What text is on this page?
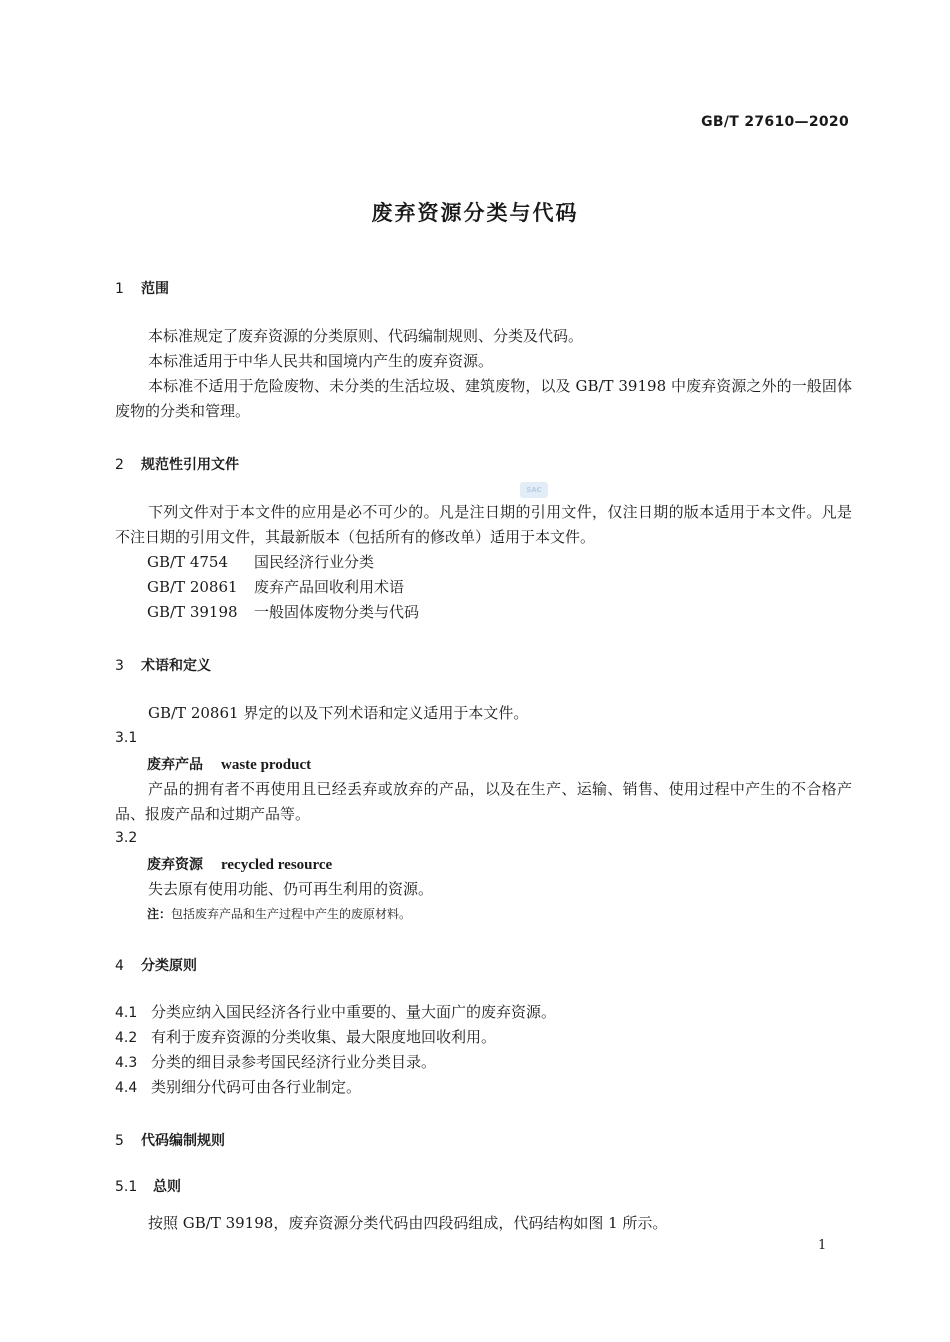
GB/T 27610—2020
废弃资源分类与代码
1 范围
本标准规定了废弃资源的分类原则、代码编制规则、分类及代码。
本标准适用于中华人民共和国境内产生的废弃资源。
本标准不适用于危险废物、未分类的生活垃圾、建筑废物，以及 GB/T 39198 中废弃资源之外的一般固体废物的分类和管理。
2 规范性引用文件
SAC
下列文件对于本文件的应用是必不可少的。凡是注日期的引用文件，仅注日期的版本适用于本文件。凡是不注日期的引用文件，其最新版本（包括所有的修改单）适用于本文件。
GB/T 4754 国民经济行业分类
GB/T 20861 废弃产品回收利用术语
GB/T 39198 一般固体废物分类与代码
3 术语和定义
GB/T 20861 界定的以及下列术语和定义适用于本文件。
3.1
废弃产品 waste product
产品的拥有者不再使用且已经丢弃或放弃的产品，以及在生产、运输、销售、使用过程中产生的不合格产品、报废产品和过期产品等。
3.2
废弃资源 recycled resource
失去原有使用功能、仍可再生利用的资源。
注：包括废弃产品和生产过程中产生的废原材料。
4 分类原则
4.1 分类应纳入国民经济各行业中重要的、量大面广的废弃资源。
4.2 有利于废弃资源的分类收集、最大限度地回收利用。
4.3 分类的细目录参考国民经济行业分类目录。
4.4 类别细分代码可由各行业制定。
5 代码编制规则
5.1 总则
按照 GB/T 39198，废弃资源分类代码由四段码组成，代码结构如图 1 所示。
1
